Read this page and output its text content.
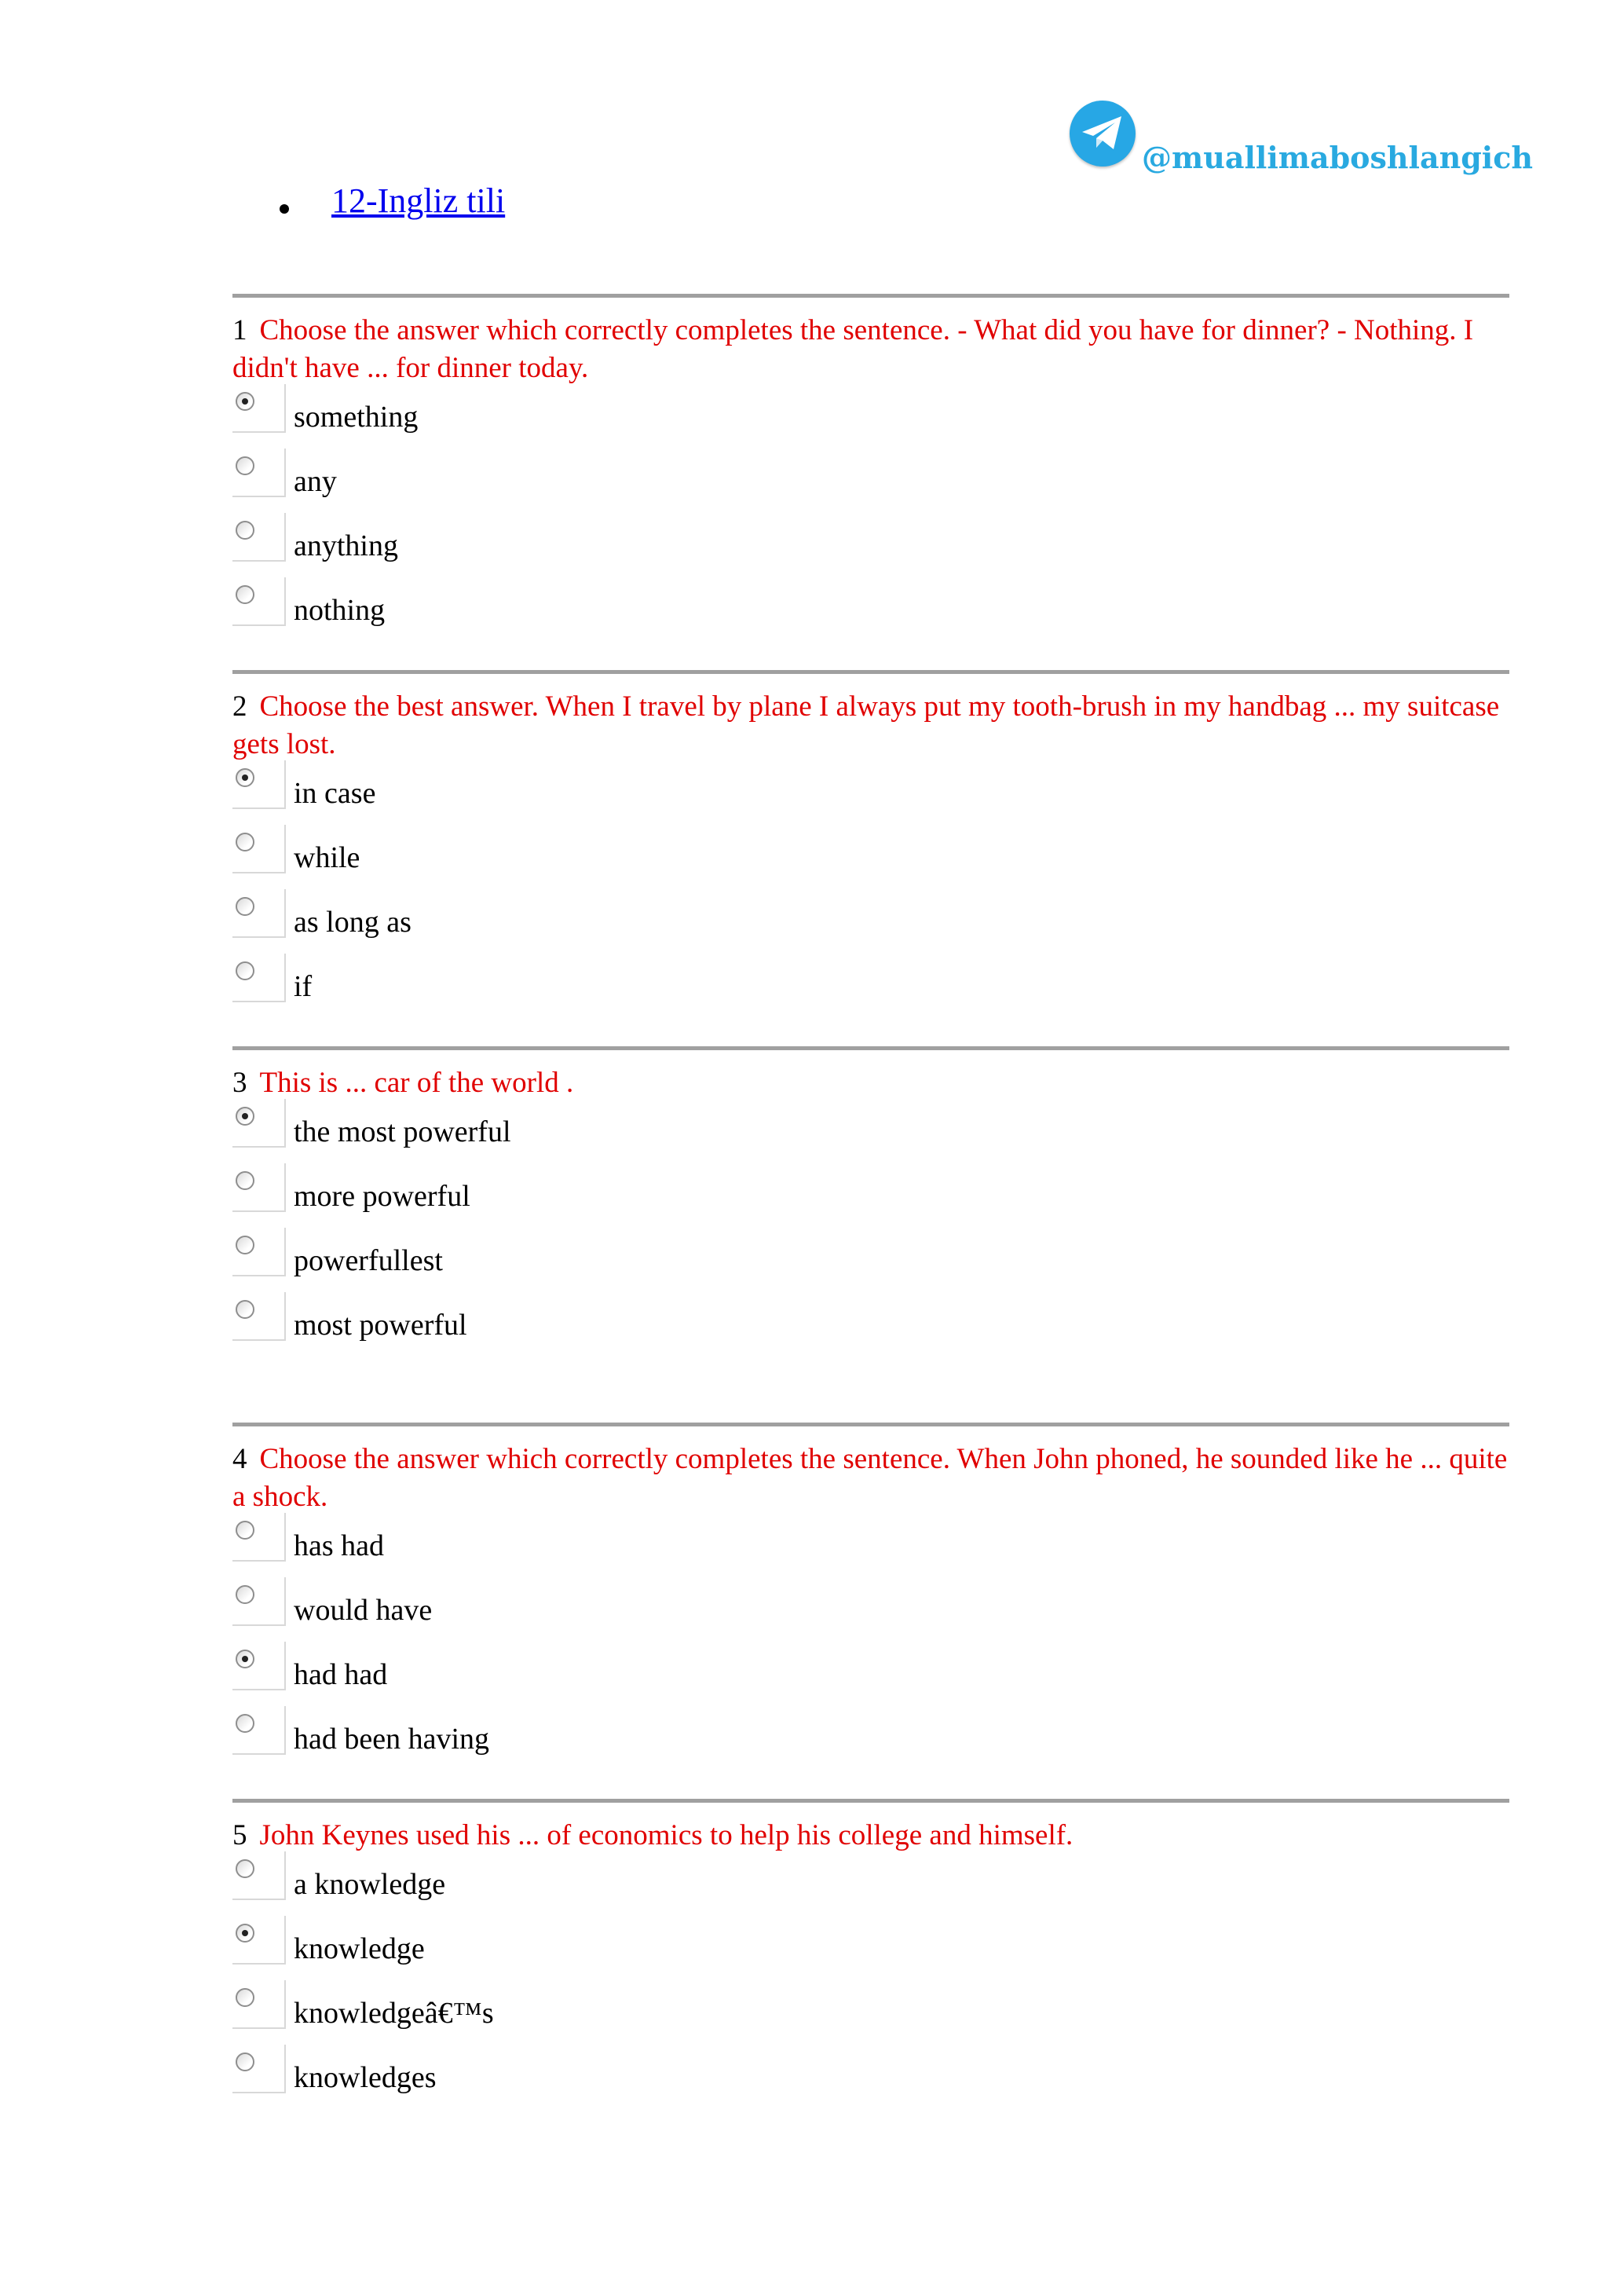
@muallimaboshlangich
12-Ingliz tili
1 Choose the answer which correctly completes the sentence. - What did you have for dinner? - Nothing. I didn't have ... for dinner today.
something
any
anything
nothing
2 Choose the best answer. When I travel by plane I always put my tooth-brush in my handbag ... my suitcase gets lost.
in case
while
as long as
if
3 This is ... car of the world .
the most powerful
more powerful
powerfullest
most powerful
4 Choose the answer which correctly completes the sentence. When John phoned, he sounded like he ... quite a shock.
has had
would have
had had
had been having
5 John Keynes used his ... of economics to help his college and himself.
a knowledge
knowledge
knowledgeâ€™s
knowledges
